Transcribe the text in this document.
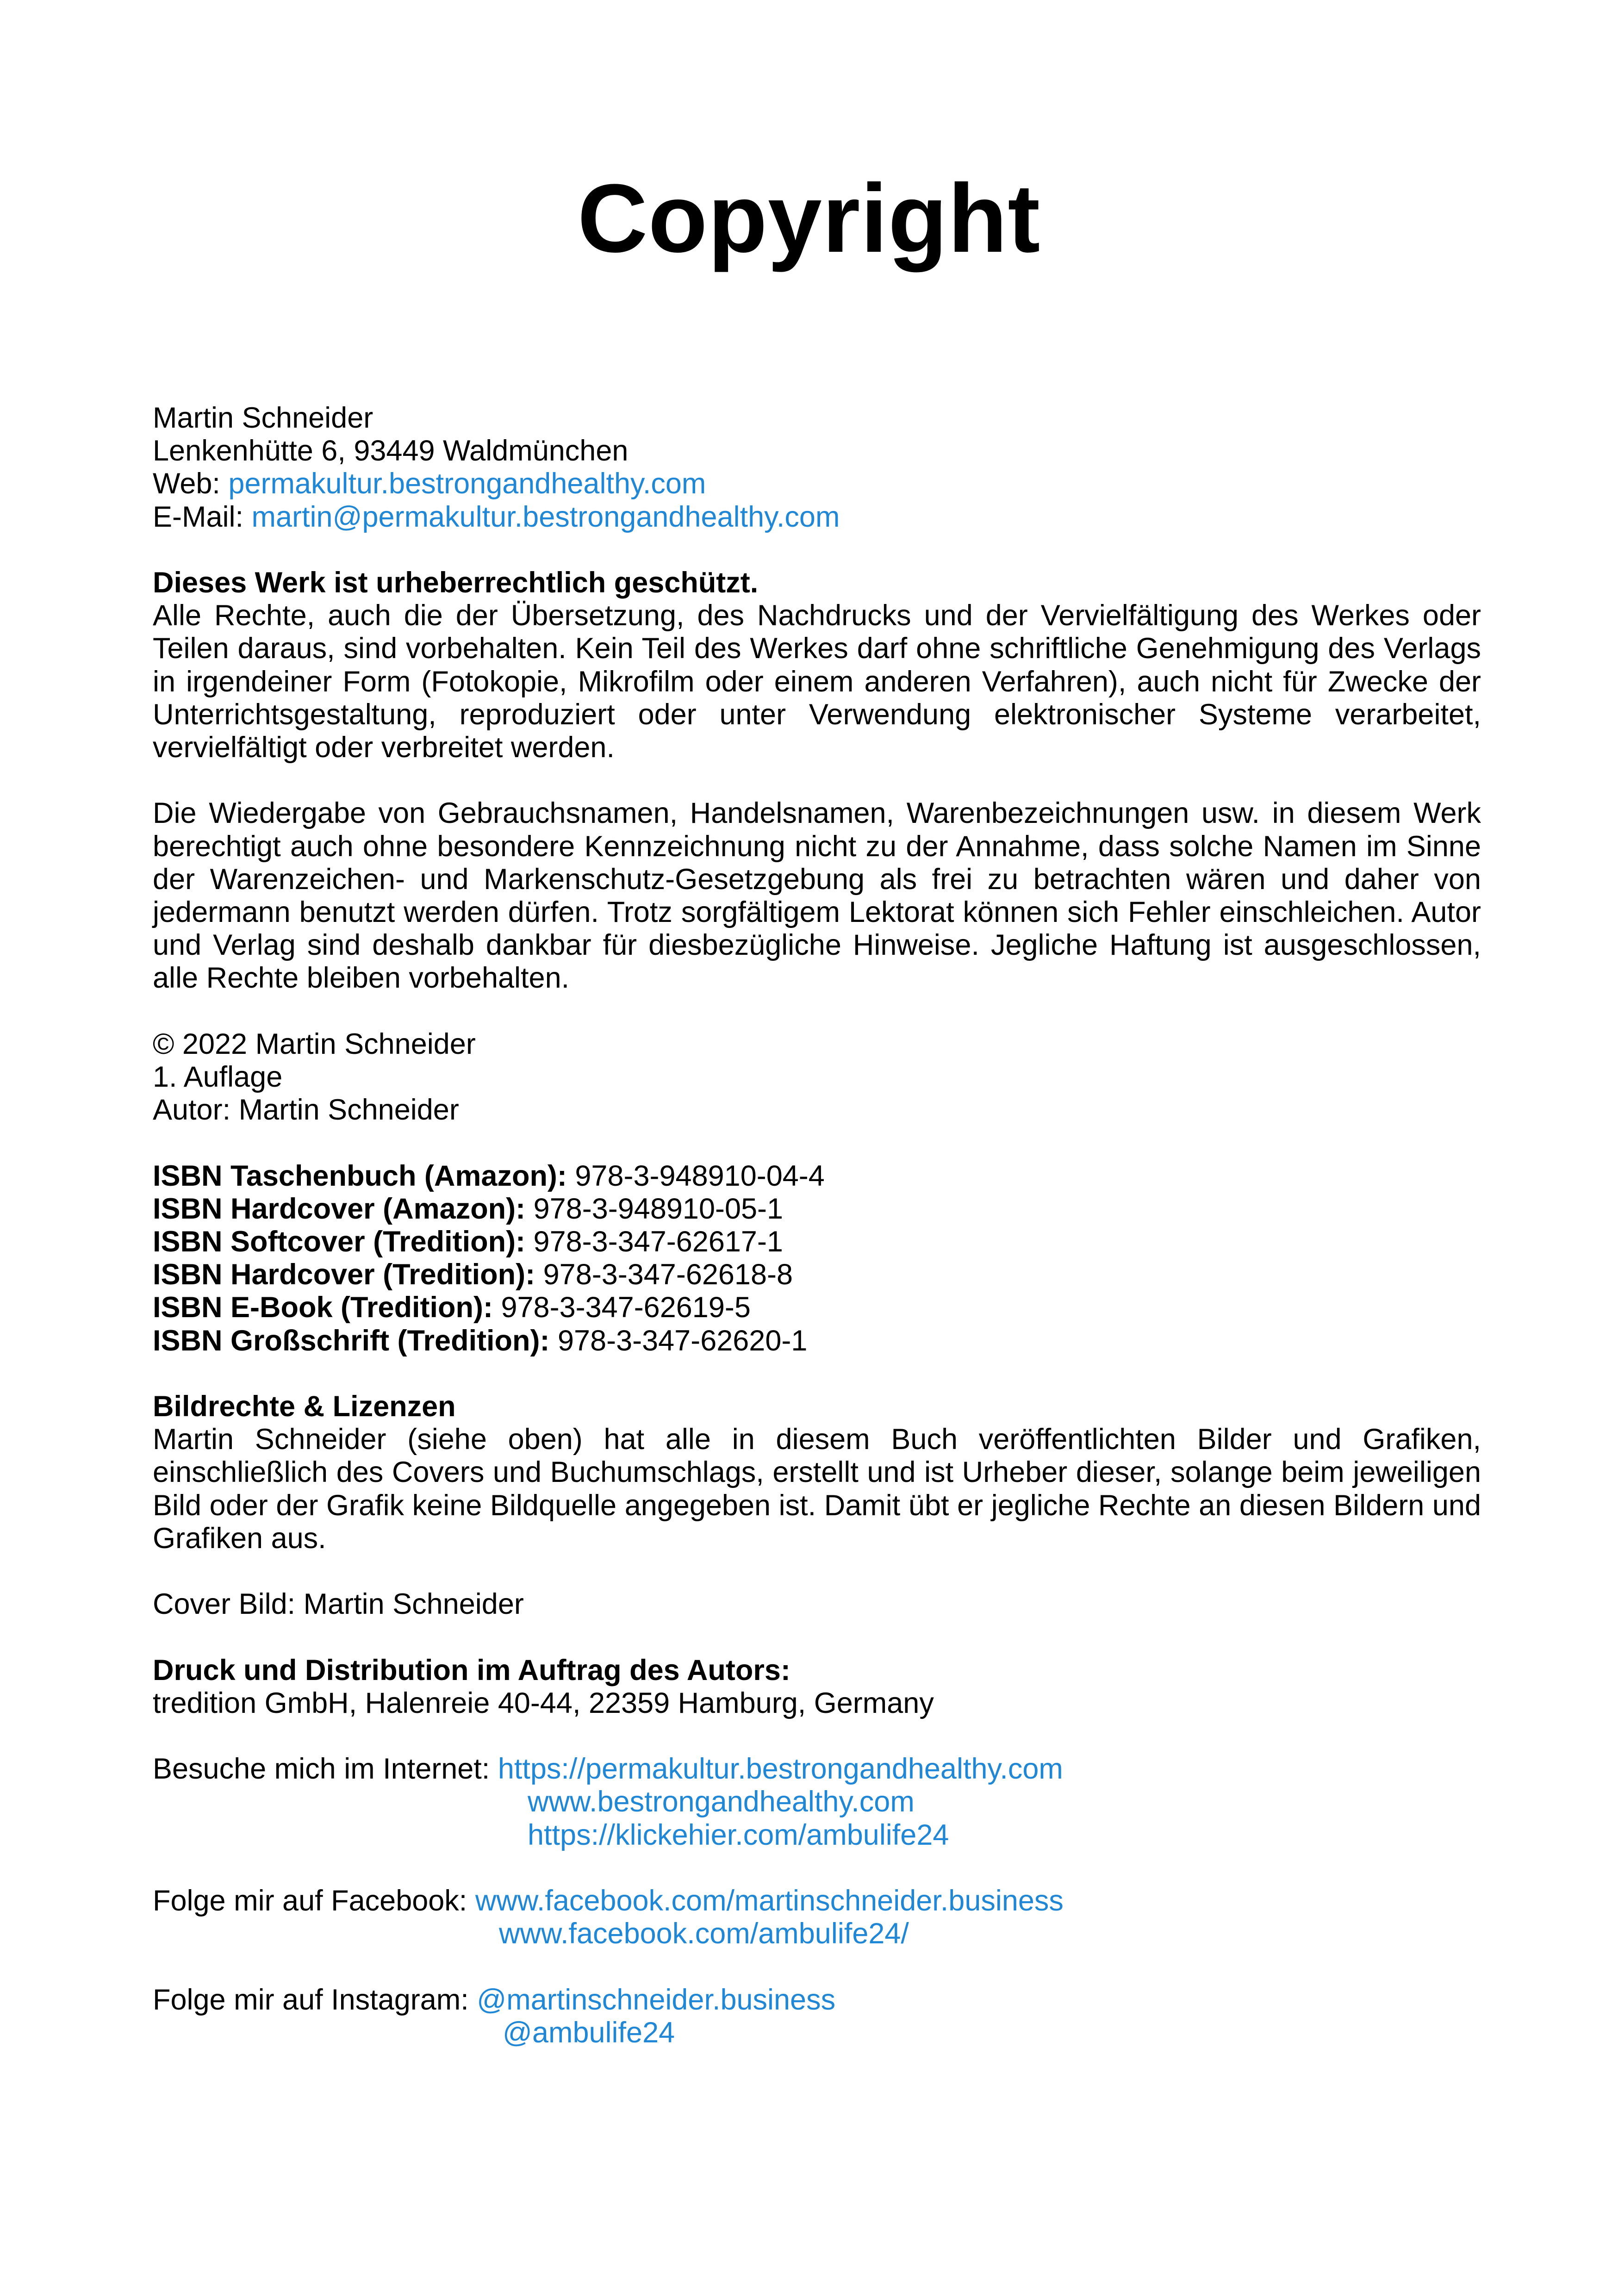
Copyright
Martin Schneider
Lenkenhütte 6, 93449 Waldmünchen
Web: permakultur.bestrongandhealthy.com
E-Mail: martin@permakultur.bestrongandhealthy.com
Dieses Werk ist urheberrechtlich geschützt.
Alle Rechte, auch die der Übersetzung, des Nachdrucks und der Vervielfältigung des Werkes oder Teilen daraus, sind vorbehalten. Kein Teil des Werkes darf ohne schriftliche Genehmigung des Verlags in irgendeiner Form (Fotokopie, Mikrofilm oder einem anderen Verfahren), auch nicht für Zwecke der Unterrichtsgestaltung, reproduziert oder unter Verwendung elektronischer Systeme verarbeitet, vervielfältigt oder verbreitet werden.
Die Wiedergabe von Gebrauchsnamen, Handelsnamen, Warenbezeichnungen usw. in diesem Werk berechtigt auch ohne besondere Kennzeichnung nicht zu der Annahme, dass solche Namen im Sinne der Warenzeichen- und Markenschutz-Gesetzgebung als frei zu betrachten wären und daher von jedermann benutzt werden dürfen. Trotz sorgfältigem Lektorat können sich Fehler einschleichen. Autor und Verlag sind deshalb dankbar für diesbezügliche Hinweise. Jegliche Haftung ist ausgeschlossen, alle Rechte bleiben vorbehalten.
© 2022 Martin Schneider
1. Auflage
Autor: Martin Schneider
ISBN Taschenbuch (Amazon): 978-3-948910-04-4
ISBN Hardcover (Amazon): 978-3-948910-05-1
ISBN Softcover (Tredition): 978-3-347-62617-1
ISBN Hardcover (Tredition): 978-3-347-62618-8
ISBN E-Book (Tredition): 978-3-347-62619-5
ISBN Großschrift (Tredition): 978-3-347-62620-1
Bildrechte & Lizenzen
Martin Schneider (siehe oben) hat alle in diesem Buch veröffentlichten Bilder und Grafiken, einschließlich des Covers und Buchumschlags, erstellt und ist Urheber dieser, solange beim jeweiligen Bild oder der Grafik keine Bildquelle angegeben ist. Damit übt er jegliche Rechte an diesen Bildern und Grafiken aus.
Cover Bild: Martin Schneider
Druck und Distribution im Auftrag des Autors:
tredition GmbH, Halenreie 40-44, 22359 Hamburg, Germany
Besuche mich im Internet: https://permakultur.bestrongandhealthy.com
www.bestrongandhealthy.com
https://klickehier.com/ambulife24
Folge mir auf Facebook: www.facebook.com/martinschneider.business
www.facebook.com/ambulife24/
Folge mir auf Instagram: @martinschneider.business
@ambulife24
